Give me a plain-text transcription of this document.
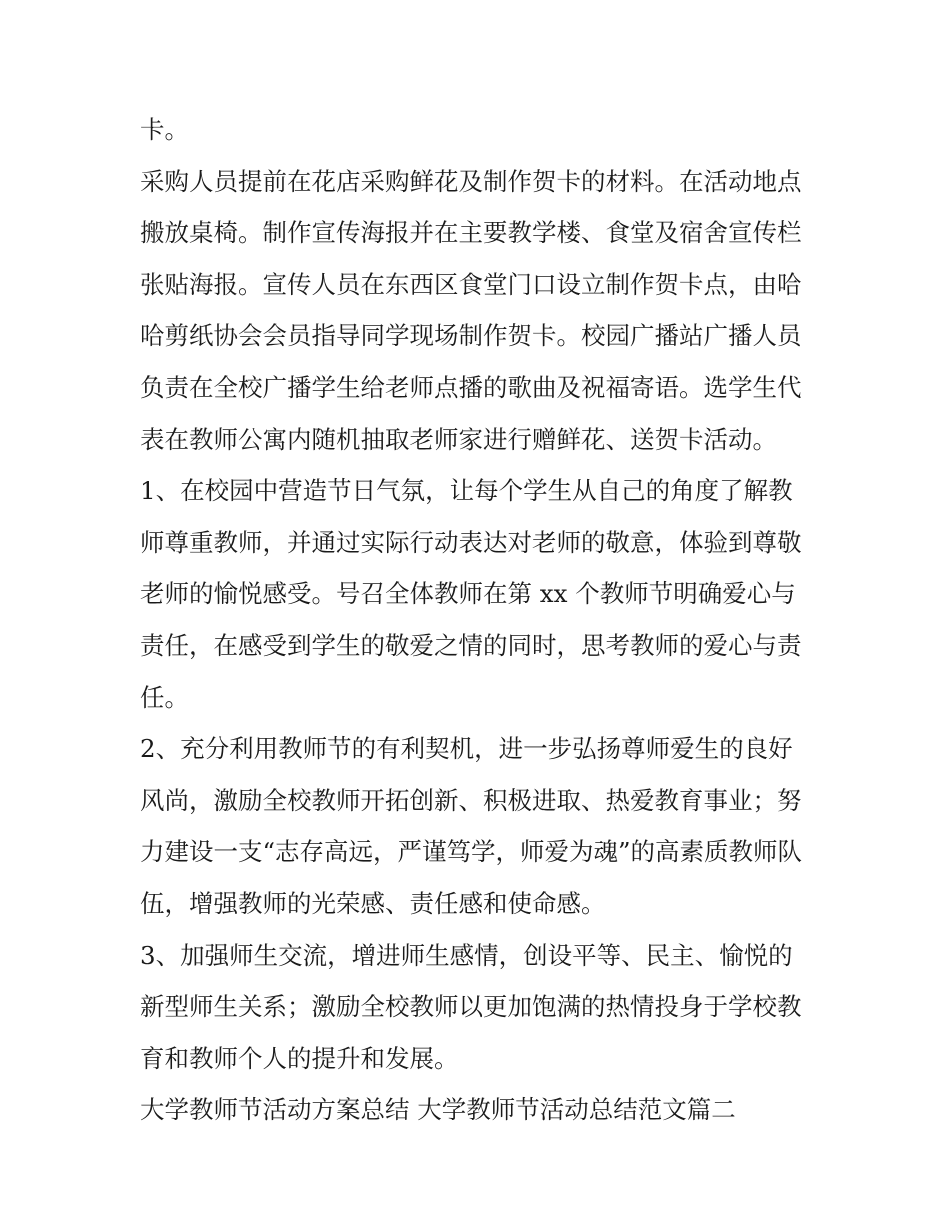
卡。

采购人员提前在花店采购鲜花及制作贺卡的材料。在活动地点
搬放桌椅。制作宣传海报并在主要教学楼、食堂及宿舍宣传栏
张贴海报。宣传人员在东西区食堂门口设立制作贺卡点，由哈
哈剪纸协会会员指导同学现场制作贺卡。校园广播站广播人员
负责在全校广播学生给老师点播的歌曲及祝福寄语。选学生代
表在教师公寓内随机抽取老师家进行赠鲜花、送贺卡活动。

1、在校园中营造节日气氛，让每个学生从自己的角度了解教
师尊重教师，并通过实际行动表达对老师的敬意，体验到尊敬
老师的愉悦感受。号召全体教师在第 xx 个教师节明确爱心与
责任，在感受到学生的敬爱之情的同时，思考教师的爱心与责
任。

2、充分利用教师节的有利契机，进一步弘扬尊师爱生的良好
风尚，激励全校教师开拓创新、积极进取、热爱教育事业；努
力建设一支“志存高远，严谨笃学，师爱为魂”的高素质教师队
伍，增强教师的光荣感、责任感和使命感。

3、加强师生交流，增进师生感情，创设平等、民主、愉悦的
新型师生关系；激励全校教师以更加饱满的热情投身于学校教
育和教师个人的提升和发展。

大学教师节活动方案总结 大学教师节活动总结范文篇二
